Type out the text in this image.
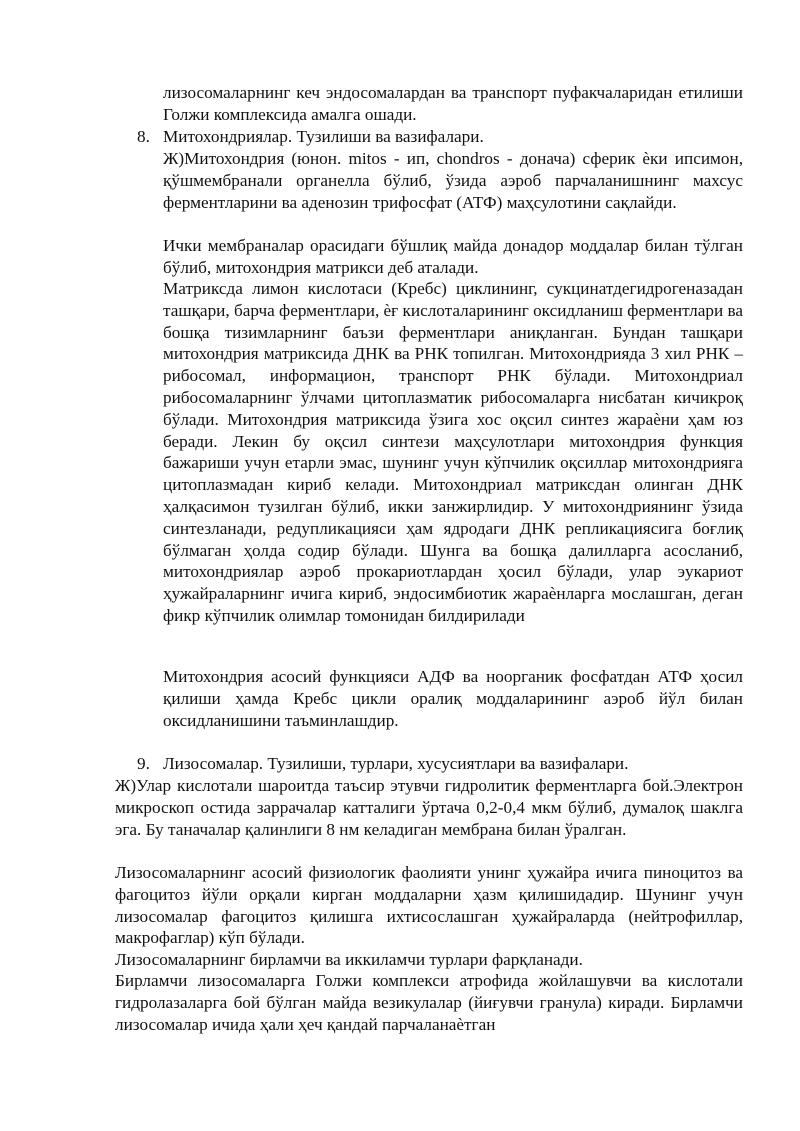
лизосомаларнинг кеч эндосомалардан ва транспорт пуфакчаларидан етилиши Голжи комплексида амалга ошади.

8. Митохондриялар. Тузилиши ва вазифалари.

Ж)Митохондрия (юнон. mitos - ип, chondros - донача) сферик ѐки ипсимон, қўшмембранали органелла бўлиб, ўзида аэроб парчаланишнинг махсус ферментларини ва аденозин трифосфат (АТФ) маҳсулотини сақлайди.

Ички мембраналар орасидаги бўшлиқ майда донадор моддалар билан тўлган бўлиб, митохондрия матрикси деб аталади.

Матриксда лимон кислотаси (Кребс) циклининг, сукцинатдегидрогеназадан ташқари, барча ферментлари, ѐғ кислоталарининг оксидланиш ферментлари ва бошқа тизимларнинг баъзи ферментлари аниқланган. Бундан ташқари митохондрия матриксида ДНК ва РНК топилган. Митохондрияда 3 хил РНК – рибосомал, информацион, транспорт РНК бўлади. Митохондриал рибосомаларнинг ўлчами цитоплазматик рибосомаларга нисбатан кичикроқ бўлади. Митохондрия матриксида ўзига хос оқсил синтез жараѐни ҳам юз беради. Лекин бу оқсил синтези маҳсулотлари митохондрия функция бажариши учун етарли эмас, шунинг учун кўпчилик оқсиллар митохондрияга цитоплазмадан кириб келади. Митохондриал матриксдан олинган ДНК ҳалқасимон тузилган бўлиб, икки занжирлидир. У митохондриянинг ўзида синтезланади, редупликацияси ҳам ядродаги ДНК репликациясига боғлиқ бўлмаган ҳолда содир бўлади. Шунга ва бошқа далилларга асосланиб, митохондриялар аэроб прокариотлардан ҳосил бўлади, улар эукариот ҳужайраларнинг ичига кириб, эндосимбиотик жараѐнларга мослашган, деган фикр кўпчилик олимлар томонидан билдирилади

Митохондрия асосий функцияси АДФ ва ноорганик фосфатдан АТФ ҳосил қилиши ҳамда Кребс цикли оралиқ моддаларининг аэроб йўл билан оксидланишини таъминлашдир.

9. Лизосомалар. Тузилиши, турлари, хусусиятлари ва вазифалари.

Ж)Улар кислотали шароитда таъсир этувчи гидролитик ферментларга бой.Электрон микроскоп остида заррачалар катталиги ўртача 0,2-0,4 мкм бўлиб, думалоқ шаклга эга. Бу таначалар қалинлиги 8 нм келадиган мембрана билан ўралган.

Лизосомаларнинг асосий физиологик фаолияти унинг ҳужайра ичига пиноцитоз ва фагоцитоз йўли орқали кирган моддаларни ҳазм қилишидадир. Шунинг учун лизосомалар фагоцитоз қилишга ихтисослашган ҳужайраларда (нейтрофиллар, макрофаглар) кўп бўлади.

Лизосомаларнинг бирламчи ва иккиламчи турлари фарқланади.

Бирламчи лизосомаларга Голжи комплекси атрофида жойлашувчи ва кислотали гидролазаларга бой бўлган майда везикулалар (йиғувчи гранула) киради. Бирламчи лизосомалар ичида ҳали ҳеч қандай парчаланаѐтган
